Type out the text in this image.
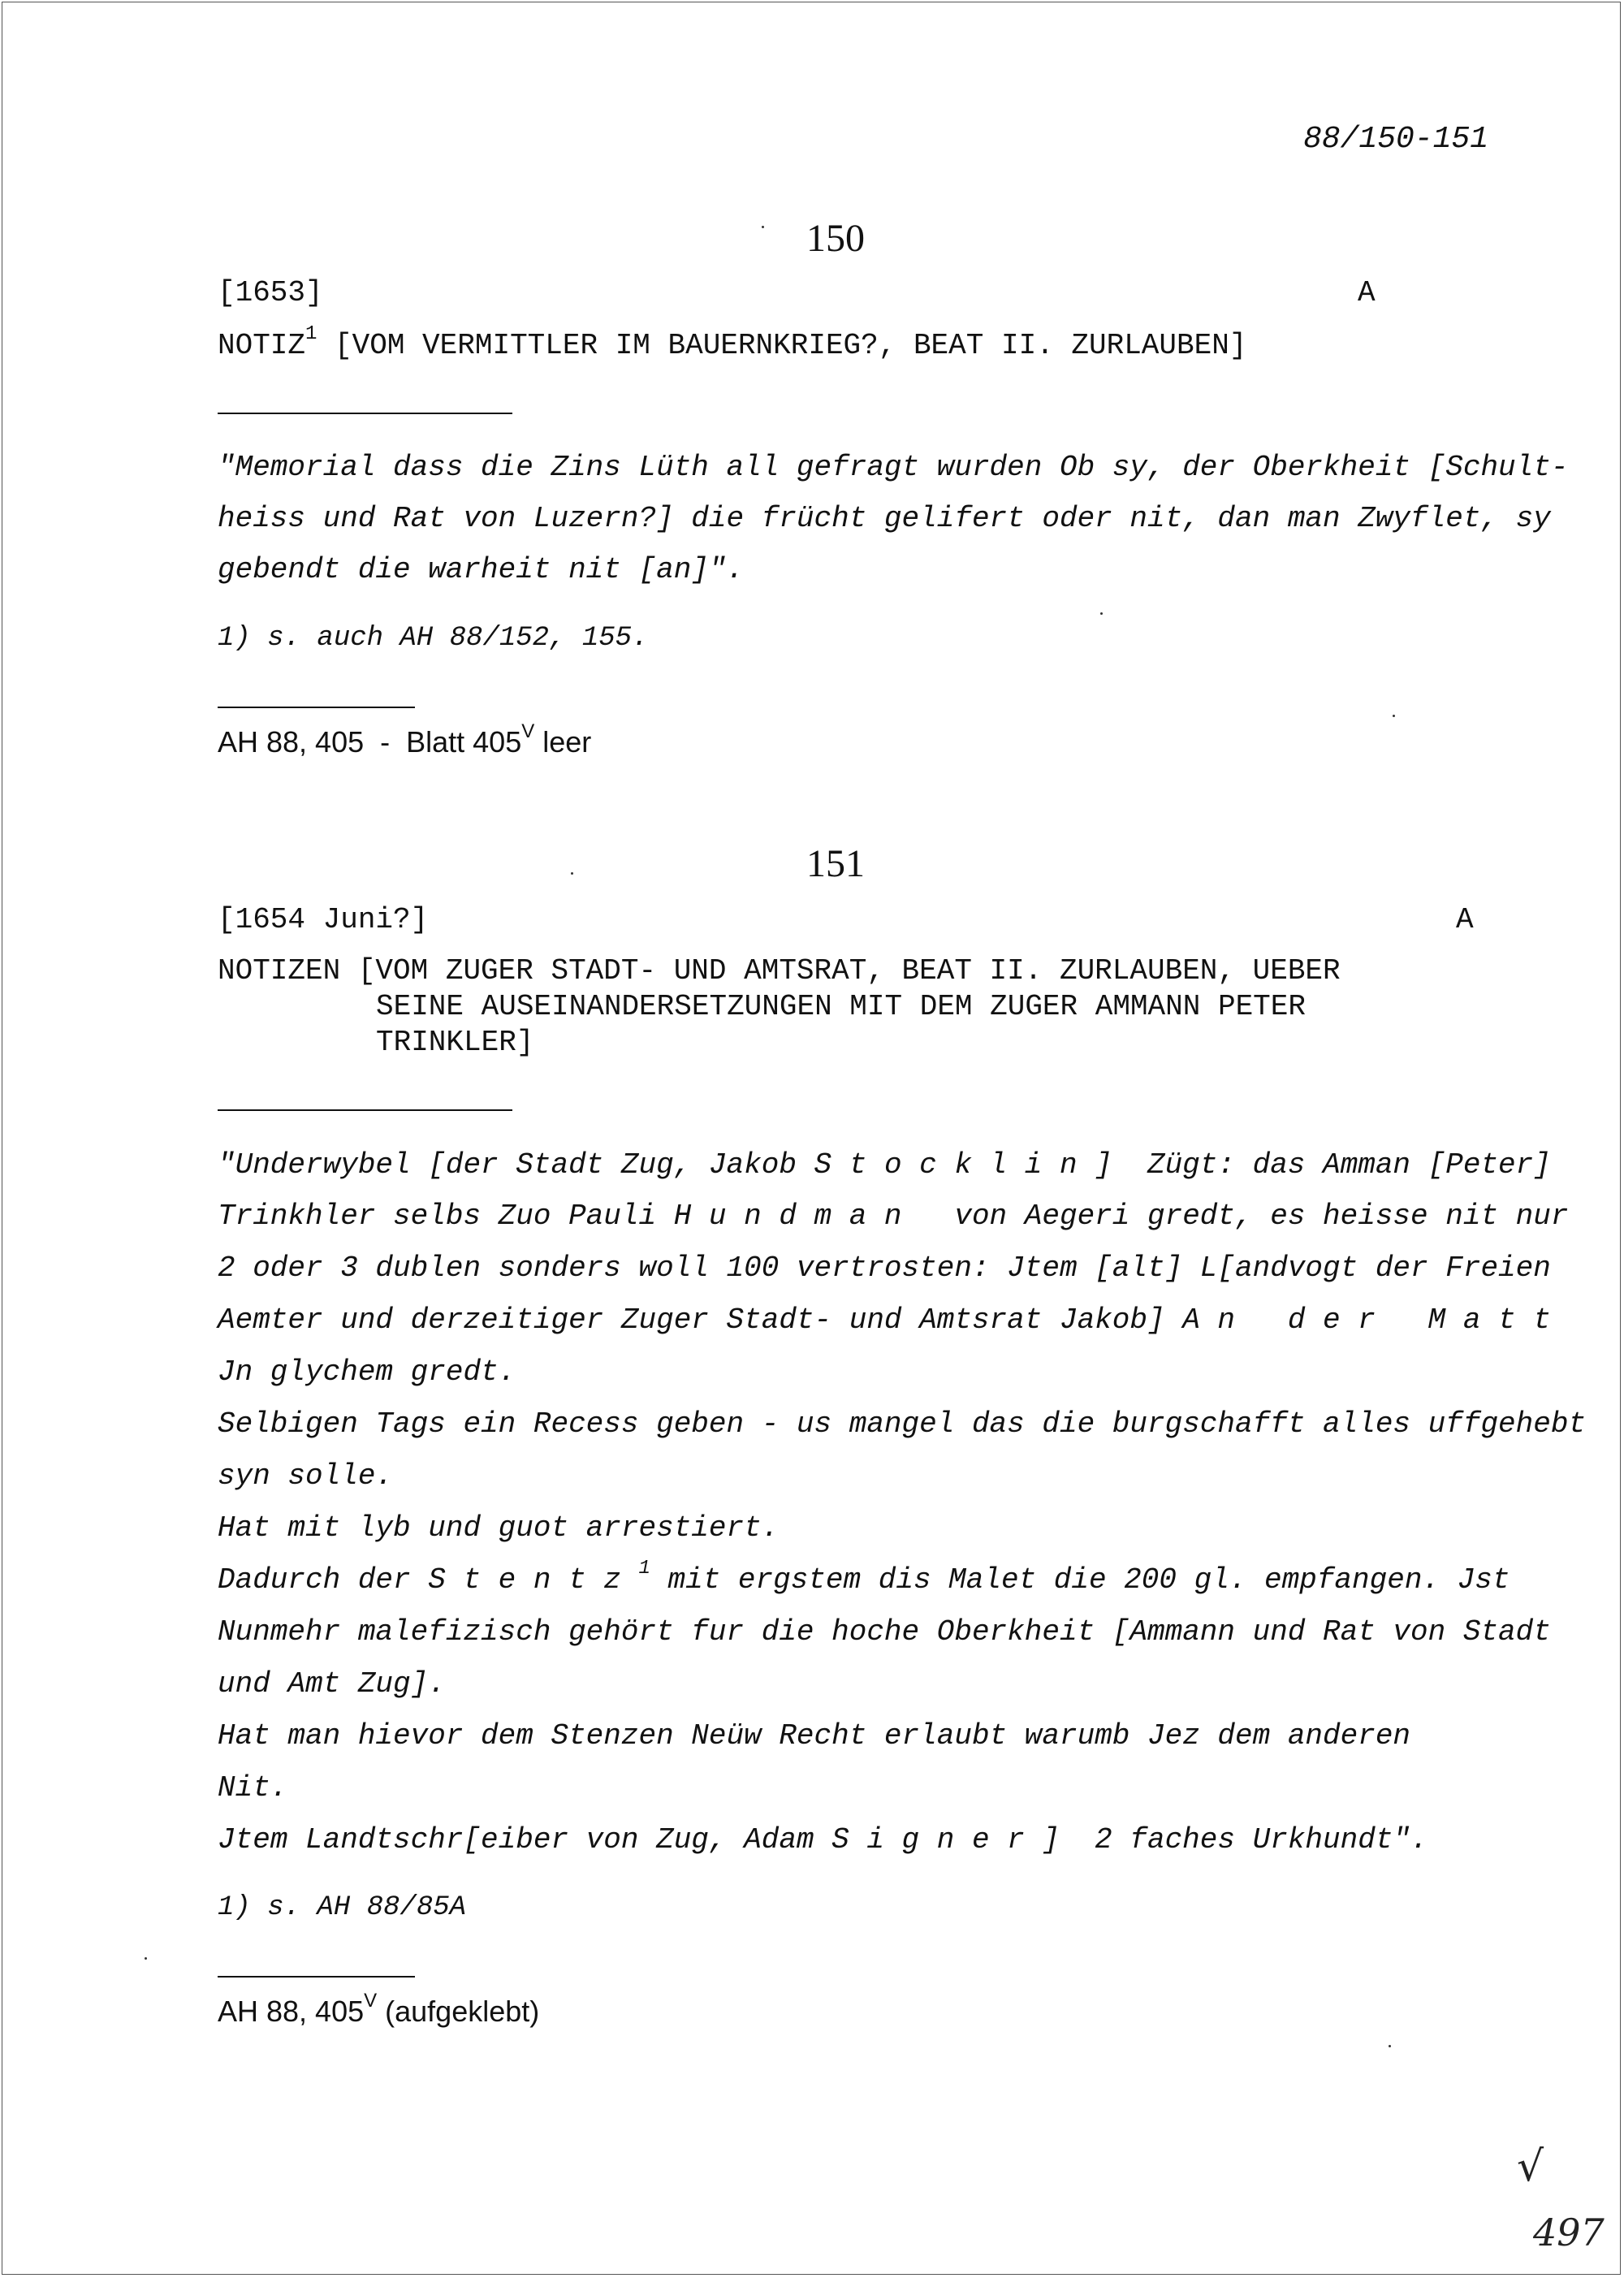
88/150-151
150
[1653]	A
NOTIZ$^1$ [VOM VERMITTLER IM BAUERNKRIEG?, BEAT II. ZURLAUBEN]
"Memorial dass die Zins Lüth all gefragt wurden Ob sy, der Oberkheit [Schult-
heiss und Rat von Luzern?] die frücht gelifert oder nit, dan man Zwyflet, sy
gebendt die warheit nit [an]".
1) s. auch AH 88/152, 155.
AH 88, 405  -  Blatt $405^V$ leer
151
[1654 Juni?]	A
NOTIZEN [VOM ZUGER STADT- UND AMTSRAT, BEAT II. ZURLAUBEN, UEBER
SEINE AUSEINANDERSETZUNGEN MIT DEM ZUGER AMMANN PETER
TRINKLER]
"Underwybel [der Stadt Zug, Jakob Stocklin] Zügt: das Amman [Peter]
Trinkhler selbs Zuo Pauli Hundman  von Aegeri gredt, es heisse nit nur
2 oder 3 dublen sonders woll 100 vertrosten: Jtem [alt] L[andvogt der Freien
Aemter und derzeitiger Zuger Stadt- und Amtsrat Jakob] An der Matt
Jn glychem gredt.
Selbigen Tags ein Recess geben - us mangel das die burgschafft alles uffgehebt
syn solle.
Hat mit lyb und guot arrestiert.
Dadurch der Stentz$^1$ mit ergstem dis Malet die 200 gl. empfangen. Jst
Nunmehr malefizisch gehört fur die hoche Oberkheit [Ammann und Rat von Stadt
und Amt Zug].
Hat man hievor dem Stenzen Neüw Recht erlaubt warumb Jez dem anderen
Nit.
Jtem Landtschr[eiber von Zug, Adam Signer] 2 faches Urkhundt".
1) s. AH 88/85A
AH 88, $405^V$ (aufgeklebt)
√
497
